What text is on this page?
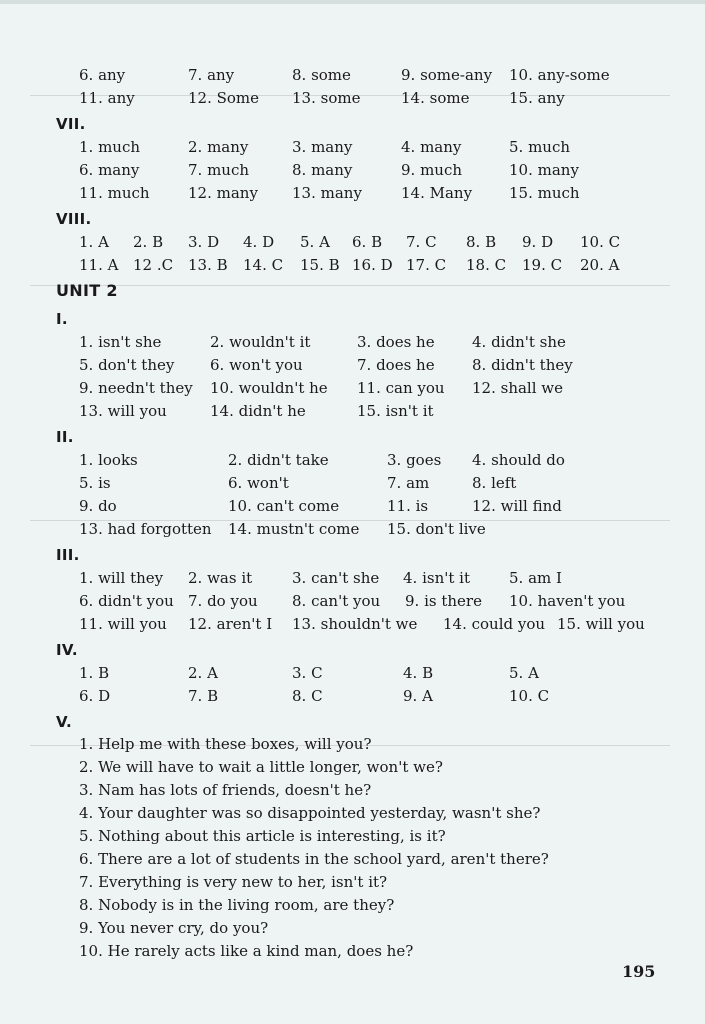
6. any	7. any	8. some	9. some-any 10. any-some
11. any	12. Some 13. some	14. some	15. any
VII.
1. much	2. many	3. many	4. many	5. much
6. many	7. much	8. many	9. much	10. many
11. much	12. many 13. many	14. Many 15. much
VIII.
1. A 2. B 3. D 4. D 5. A 6. B 7. C 8. B 9. D 10. C
11. A 12 .C 13. B 14. C 15. B 16. D 17. C 18. C 19. C 20. A
UNIT 2
I.
1. isn't she	2. wouldn't it	3. does he 4. didn't she
5. don't they 6. won't you	7. does he 8. didn't they
9. needn't they 10. wouldn't he 11. can you 12. shall we
13. will you	14. didn't he	15. isn't it
II.
1. looks	2. didn't take	3. goes 4. should do
5. is	6. won't	7. am	8. left
9. do	10. can't come	11. is	12. will find
13. had forgotten 14. mustn't come 15. don't live
III.
1. will they 2. was it	3. can't she 4. isn't it	5. am I
6. didn't you 7. do you 8. can't you 9. is there 10. haven't you
11. will you 12. aren't I 13. shouldn't we 14. could you 15. will you
IV.
1. B	2. A	3. C	4. B	5. A
6. D	7. B	8. C	9. A	10. C
V.
1. Help me with these boxes, will you?
2. We will have to wait a little longer, won't we?
3. Nam has lots of friends, doesn't he?
4. Your daughter was so disappointed yesterday, wasn't she?
5. Nothing about this article is interesting, is it?
6. There are a lot of students in the school yard, aren't there?
7. Everything is very new to her, isn't it?
8. Nobody is in the living room, are they?
9. You never cry, do you?
10. He rarely acts like a kind man, does he?
195
